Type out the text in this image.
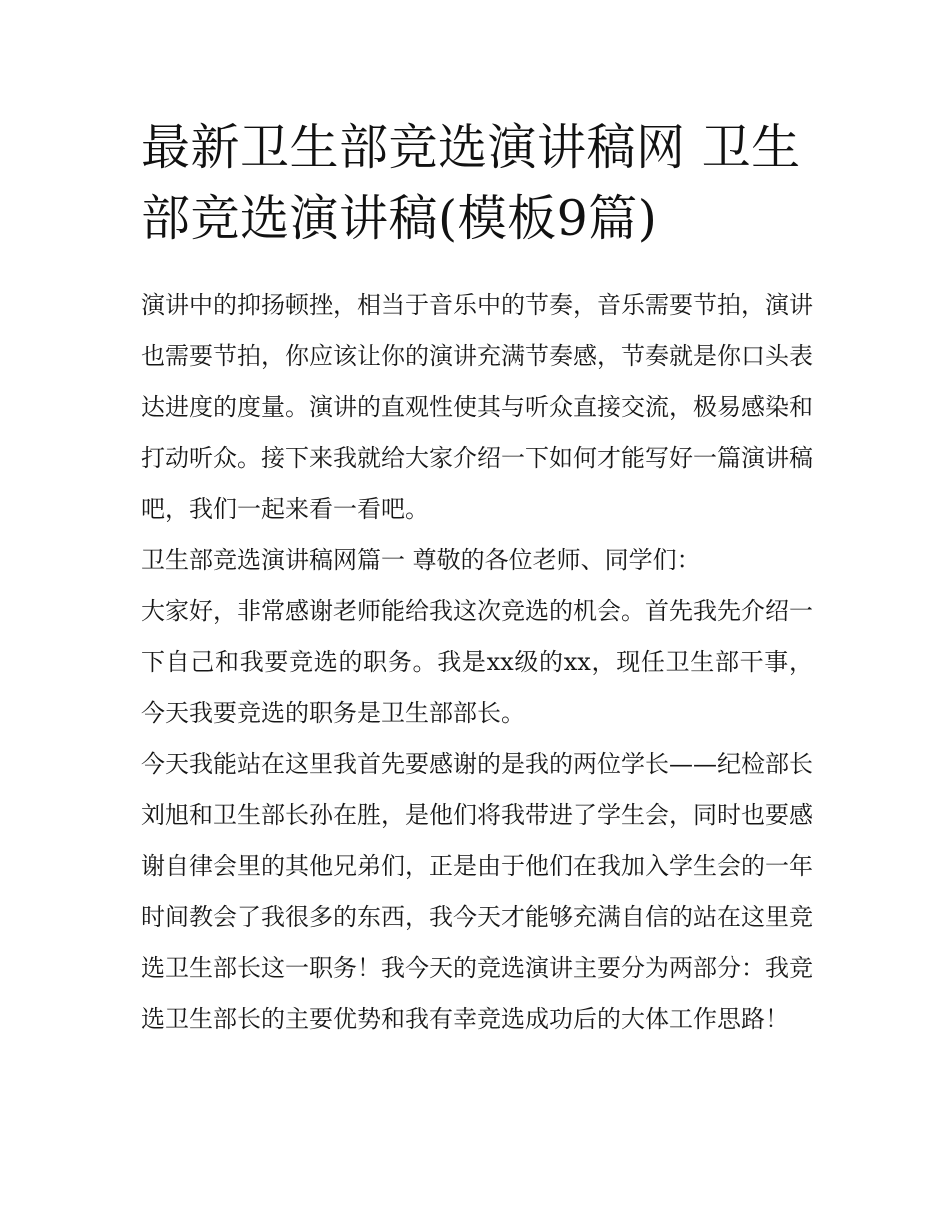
最新卫生部竞选演讲稿网 卫生部竞选演讲稿(模板9篇)

演讲中的抑扬顿挫，相当于音乐中的节奏，音乐需要节拍，演讲也需要节拍，你应该让你的演讲充满节奏感，节奏就是你口头表达进度的度量。演讲的直观性使其与听众直接交流，极易感染和打动听众。接下来我就给大家介绍一下如何才能写好一篇演讲稿吧，我们一起来看一看吧。

卫生部竞选演讲稿网篇一 尊敬的各位老师、同学们：

大家好，非常感谢老师能给我这次竞选的机会。首先我先介绍一下自己和我要竞选的职务。我是xx级的xx，现任卫生部干事，今天我要竞选的职务是卫生部部长。

今天我能站在这里我首先要感谢的是我的两位学长——纪检部长刘旭和卫生部长孙在胜，是他们将我带进了学生会，同时也要感谢自律会里的其他兄弟们，正是由于他们在我加入学生会的一年时间教会了我很多的东西，我今天才能够充满自信的站在这里竞选卫生部长这一职务！我今天的竞选演讲主要分为两部分：我竞选卫生部长的主要优势和我有幸竞选成功后的大体工作思路！
